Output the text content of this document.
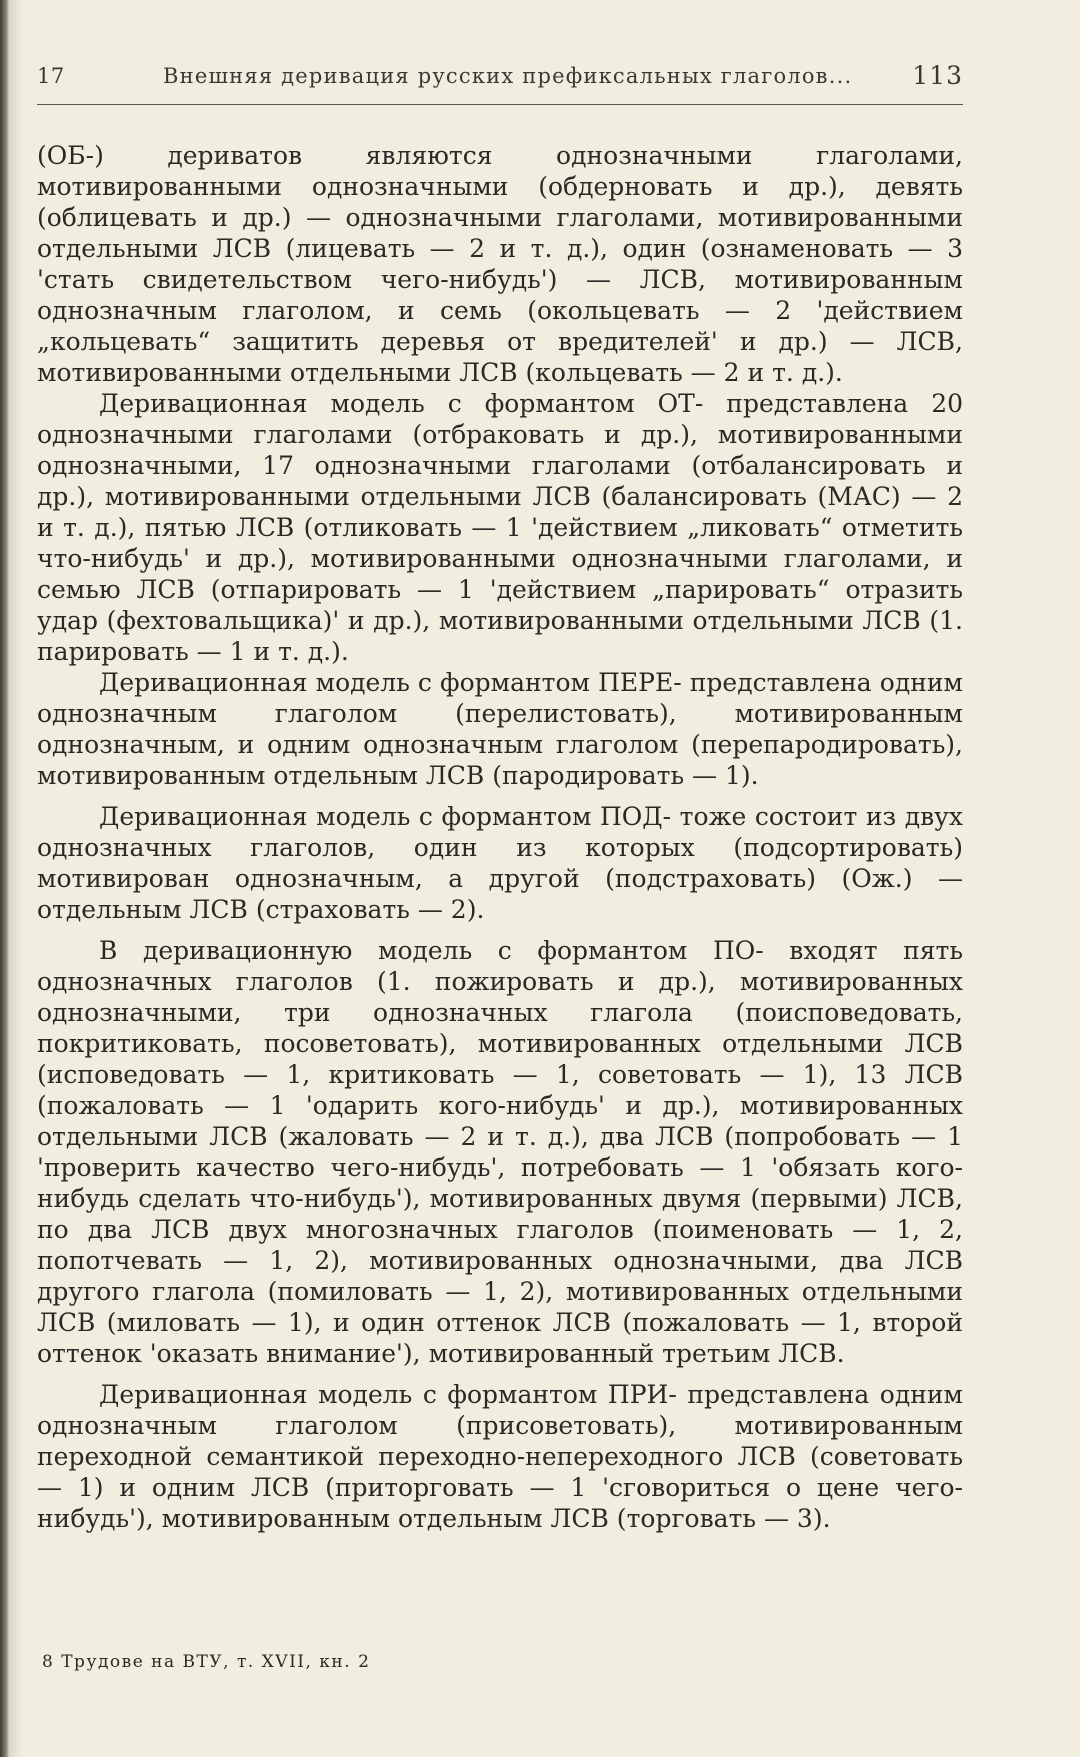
17	Внешняя деривация русских префиксальных глаголов... 113

(ОБ-) дериватов являются однозначными глаголами, мотивированными однозначными (обдерновать и др.), девять (облицевать и др.) — однозначными глаголами, мотивированными отдельными ЛСВ (лицевать — 2 и т. д.), один (ознаменовать — 3 'стать свидетельством чего-нибудь') — ЛСВ, мотивированным однозначным глаголом, и семь (окольцевать — 2 'действием „кольцевать“ защитить деревья от вредителей' и др.) — ЛСВ, мотивированными отдельными ЛСВ (кольцевать — 2 и т. д.).

Деривационная модель с формантом ОТ- представлена 20 однозначными глаголами (отбраковать и др.), мотивированными однозначными, 17 однозначными глаголами (отбалансировать и др.), мотивированными отдельными ЛСВ (балансировать (МАС) — 2 и т. д.), пятью ЛСВ (отликовать — 1 'действием „ликовать“ отметить что-нибудь' и др.), мотивированными однозначными глаголами, и семью ЛСВ (отпарировать — 1 'действием „парировать“ отразить удар (фехтовальщика)' и др.), мотивированными отдельными ЛСВ (1. парировать — 1 и т. д.).

Деривационная модель с формантом ПЕРЕ- представлена одним однозначным глаголом (перелистовать), мотивированным однозначным, и одним однозначным глаголом (перепародировать), мотивированным отдельным ЛСВ (пародировать — 1).

Деривационная модель с формантом ПОД- тоже состоит из двух однозначных глаголов, один из которых (подсортировать) мотивирован однозначным, а другой (подстраховать) (Ож.) — отдельным ЛСВ (страховать — 2).

В деривационную модель с формантом ПО- входят пять однозначных глаголов (1. пожировать и др.), мотивированных однозначными, три однозначных глагола (поисповедовать, покритиковать, посоветовать), мотивированных отдельными ЛСВ (исповедовать — 1, критиковать — 1, советовать — 1), 13 ЛСВ (пожаловать — 1 'одарить кого-нибудь' и др.), мотивированных отдельными ЛСВ (жаловать — 2 и т. д.), два ЛСВ (попробовать — 1 'проверить качество чего-нибудь', потребовать — 1 'обязать кого-нибудь сделать что-нибудь'), мотивированных двумя (первыми) ЛСВ, по два ЛСВ двух многозначных глаголов (поименовать — 1, 2, попотчевать — 1, 2), мотивированных однозначными, два ЛСВ другого глагола (помиловать — 1, 2), мотивированных отдельными ЛСВ (миловать — 1), и один оттенок ЛСВ (пожаловать — 1, второй оттенок 'оказать внимание'), мотивированный третьим ЛСВ.

Деривационная модель с формантом ПРИ- представлена одним однозначным глаголом (присоветовать), мотивированным переходной семантикой переходно-непереходного ЛСВ (советовать — 1) и одним ЛСВ (приторговать — 1 'сговориться о цене чего-нибудь'), мотивированным отдельным ЛСВ (торговать — 3).

8 Трудове на ВТУ, т. XVII, кн. 2
